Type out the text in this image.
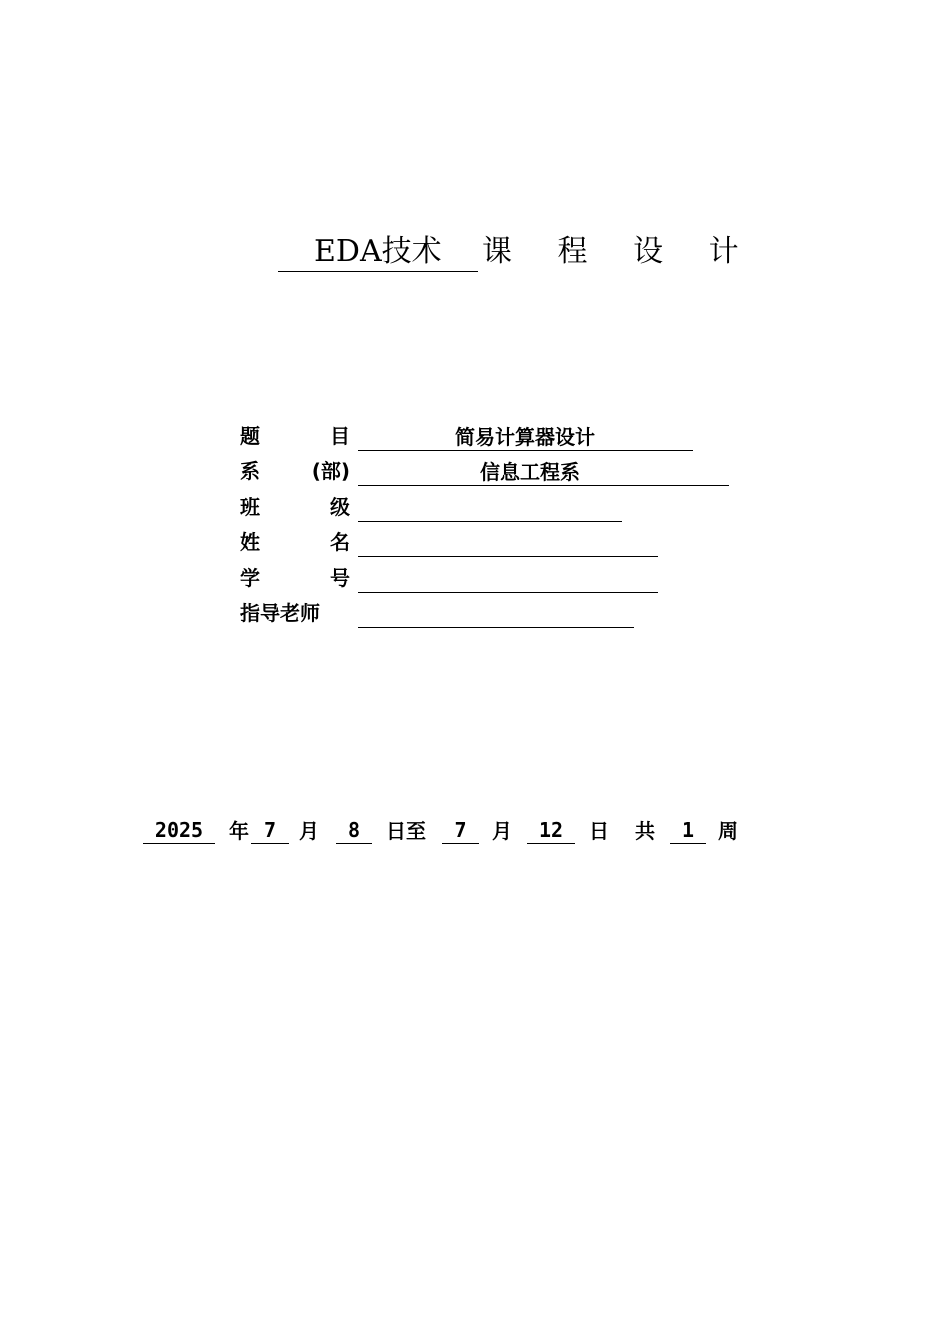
EDA技术 课 程 设 计
题	目	简易计算器设计
系	(部)	信息工程系
班	级
姓	名
学	号
指导老师
2025	年 7	月	8	日至	7	月	12	日 共	1	周
